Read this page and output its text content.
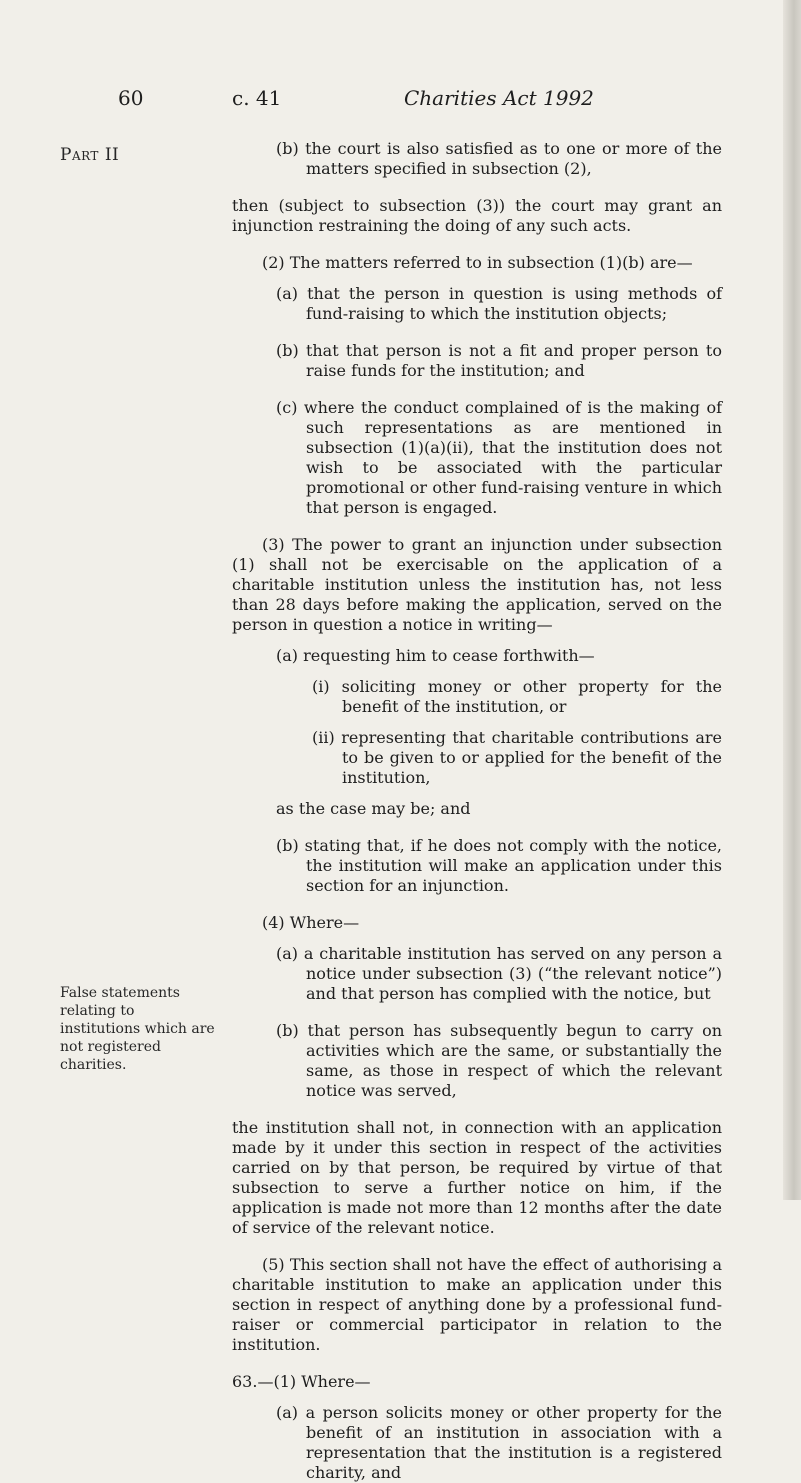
60	c. 41	Charities Act 1992
Part II
False statements relating to institutions which are not registered charities.

(b) the court is also satisfied as to one or more of the matters specified in subsection (2),

then (subject to subsection (3)) the court may grant an injunction restraining the doing of any such acts.

(2) The matters referred to in subsection (1)(b) are—

(a) that the person in question is using methods of fund-raising to which the institution objects;

(b) that that person is not a fit and proper person to raise funds for the institution; and

(c) where the conduct complained of is the making of such representations as are mentioned in subsection (1)(a)(ii), that the institution does not wish to be associated with the particular promotional or other fund-raising venture in which that person is engaged.

(3) The power to grant an injunction under subsection (1) shall not be exercisable on the application of a charitable institution unless the institution has, not less than 28 days before making the application, served on the person in question a notice in writing—

(a) requesting him to cease forthwith—

(i) soliciting money or other property for the benefit of the institution, or

(ii) representing that charitable contributions are to be given to or applied for the benefit of the institution,

as the case may be; and

(b) stating that, if he does not comply with the notice, the institution will make an application under this section for an injunction.

(4) Where—

(a) a charitable institution has served on any person a notice under subsection (3) (“the relevant notice”) and that person has complied with the notice, but

(b) that person has subsequently begun to carry on activities which are the same, or substantially the same, as those in respect of which the relevant notice was served,

the institution shall not, in connection with an application made by it under this section in respect of the activities carried on by that person, be required by virtue of that subsection to serve a further notice on him, if the application is made not more than 12 months after the date of service of the relevant notice.

(5) This section shall not have the effect of authorising a charitable institution to make an application under this section in respect of anything done by a professional fund-raiser or commercial participator in relation to the institution.

63.—(1) Where—

(a) a person solicits money or other property for the benefit of an institution in association with a representation that the institution is a registered charity, and
